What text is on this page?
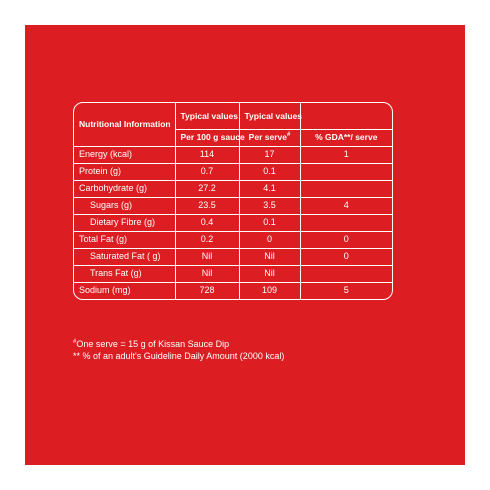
Nutritional Information	Typical values	Typical values	
	Per 100 g sauce	Per serve#	% GDA**/ serve
Energy (kcal)	114	17	1
Protein (g)	0.7	0.1	
Carbohydrate (g)	27.2	4.1	
Sugars (g)	23.5	3.5	4
Dietary Fibre (g)	0.4	0.1	
Total Fat (g)	0.2	0	0
Saturated Fat ( g)	Nil	Nil	0
Trans Fat (g)	Nil	Nil	
Sodium (mg)	728	109	5
#One serve = 15 g of Kissan Sauce Dip
** % of an adult's Guideline Daily Amount (2000 kcal)
